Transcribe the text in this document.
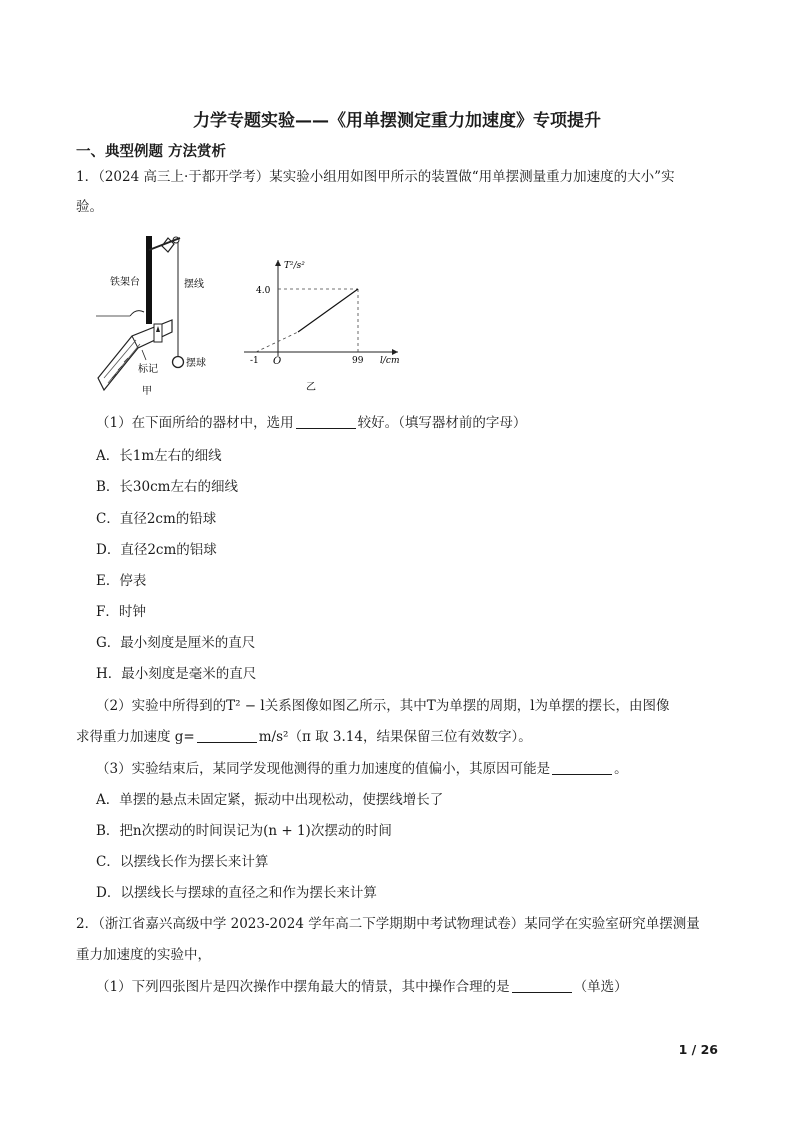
力学专题实验——《用单摆测定重力加速度》专项提升
一、典型例题 方法赏析
1．（2024 高三上·于都开学考）某实验小组用如图甲所示的装置做“用单摆测量重力加速度的大小”实
验。
铁架台	摆线
摆球
标记
甲
T²/s²
4.0
-1 O	99 l/cm
乙
（1）在下面所给的器材中，选用	较好。（填写器材前的字母）
A．长1m左右的细线
B．长30cm左右的细线
C．直径2cm的铅球
D．直径2cm的铝球
E．停表
F．时钟
G．最小刻度是厘米的直尺
H．最小刻度是毫米的直尺
（2）实验中所得到的T² − l关系图像如图乙所示，其中T为单摆的周期，l为单摆的摆长，由图像
求得重力加速度 g=	m/s²（π 取 3.14，结果保留三位有效数字）。
（3）实验结束后，某同学发现他测得的重力加速度的值偏小，其原因可能是	。
A．单摆的悬点未固定紧，振动中出现松动，使摆线增长了
B．把n次摆动的时间误记为(n + 1)次摆动的时间
C．以摆线长作为摆长来计算
D．以摆线长与摆球的直径之和作为摆长来计算
2．（浙江省嘉兴高级中学 2023-2024 学年高二下学期期中考试物理试卷）某同学在实验室研究单摆测量
重力加速度的实验中，
（1）下列四张图片是四次操作中摆角最大的情景，其中操作合理的是	（单选）
1 / 26
